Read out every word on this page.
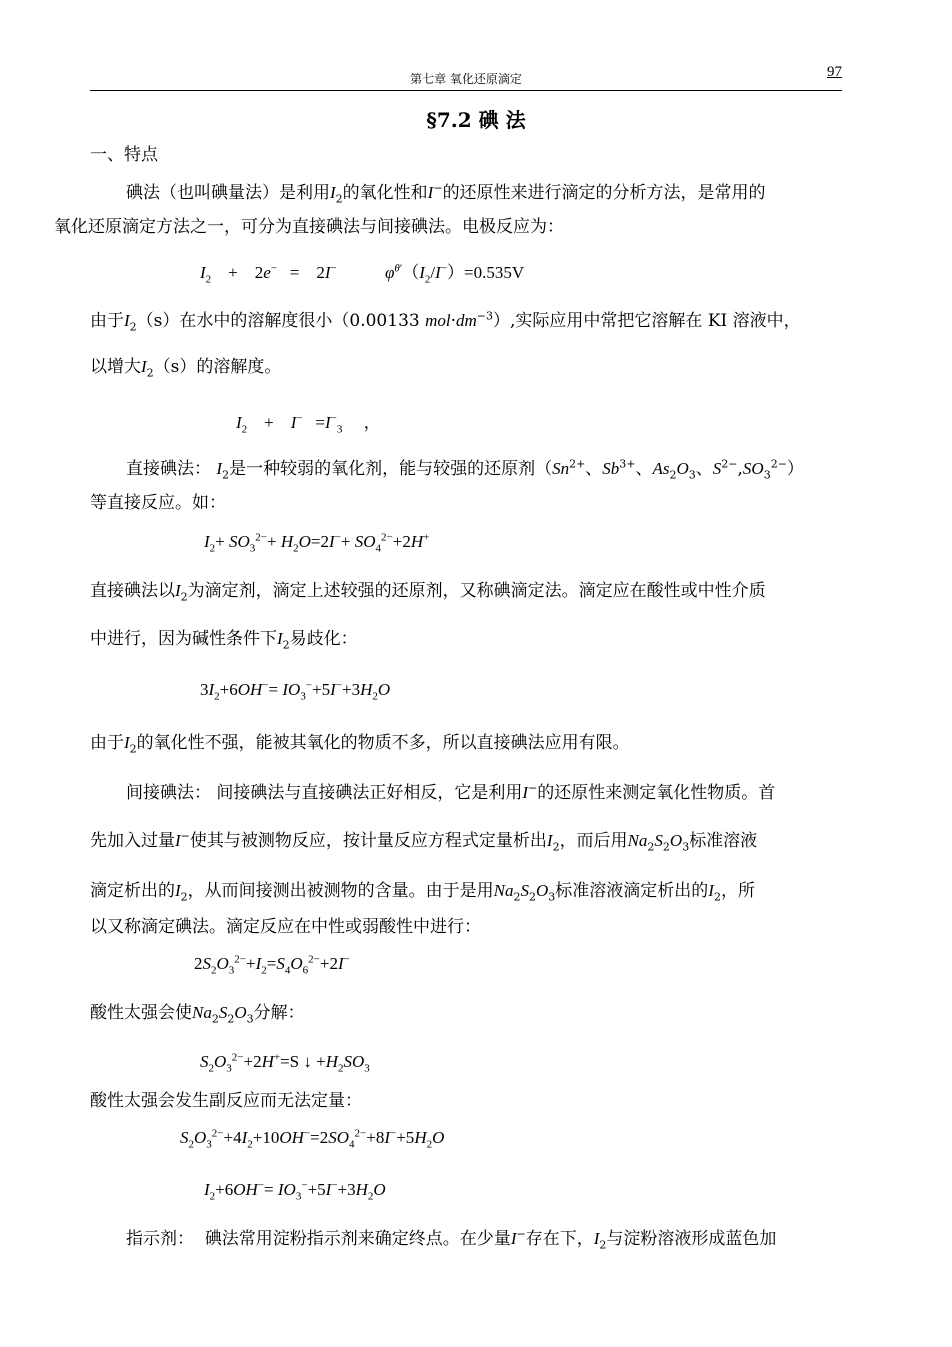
第七章 氧化还原滴定	97
§7.2 碘 法
一、特点
碘法（也叫碘量法）是利用$I_2$的氧化性和I−的还原性来进行滴定的分析方法，是常用的
氧化还原滴定方法之一，可分为直接碘法与间接碘法。电极反应为：
$I_2$    +    2e−   =    2I−	$\varphi^{\theta'}(I_2/I^-)=0.535V$
由于$I_2(s)$在水中的溶解度很小（0.00133 $mol\cdot dm^{-3}$）,实际应用中常把它溶解在 KI 溶液中，
以增大$I_2(s)$的溶解度。
$I_2$    +    $I^- =I^-_3$     ，
直接碘法： $I_2$是一种较弱的氧化剂，能与较强的还原剂（$Sn^{2+}$、$Sb^{3+}$、$As_2O_3$、$S^{2-},SO_3^{2-}$）
等直接反应。如：
$I_2+ SO_3^{2-}+ H_2O=2I^-+ SO_4^{2-}+2H^+$
直接碘法以$I_2$为滴定剂，滴定上述较强的还原剂，又称碘滴定法。滴定应在酸性或中性介质
中进行，因为碱性条件下$I_2$易歧化：
$3I_2+6OH^-= IO_3^-+5I^-+3H_2O$
由于$I_2$的氧化性不强，能被其氧化的物质不多，所以直接碘法应用有限。
间接碘法： 间接碘法与直接碘法正好相反，它是利用I−的还原性来测定氧化性物质。首
先加入过量I−使其与被测物反应，按计量反应方程式定量析出$I_2$，而后用$Na_2S_2O_3$标准溶液
滴定析出的$I_2$，从而间接测出被测物的含量。由于是用$Na_2S_2O_3$标准溶液滴定析出的$I_2$，所
以又称滴定碘法。滴定反应在中性或弱酸性中进行：
$2S_2O_3^{2-}+I_2=S_4O_6^{2-}+2I^-$
酸性太强会使$Na_2S_2O_3$分解：
$S_2O_3^{2-}+2H^+=S$ ↓ $+H_2SO_3$
酸性太强会发生副反应而无法定量：
$S_2O_3^{2-}+4I_2+10OH^-=2SO_4^{2-}+8I^-+5H_2O$
$I_2+6OH^-= IO_3^-+5I^-+3H_2O$
指示剂： 碘法常用淀粉指示剂来确定终点。在少量I−存在下，$I_2$与淀粉溶液形成蓝色加
